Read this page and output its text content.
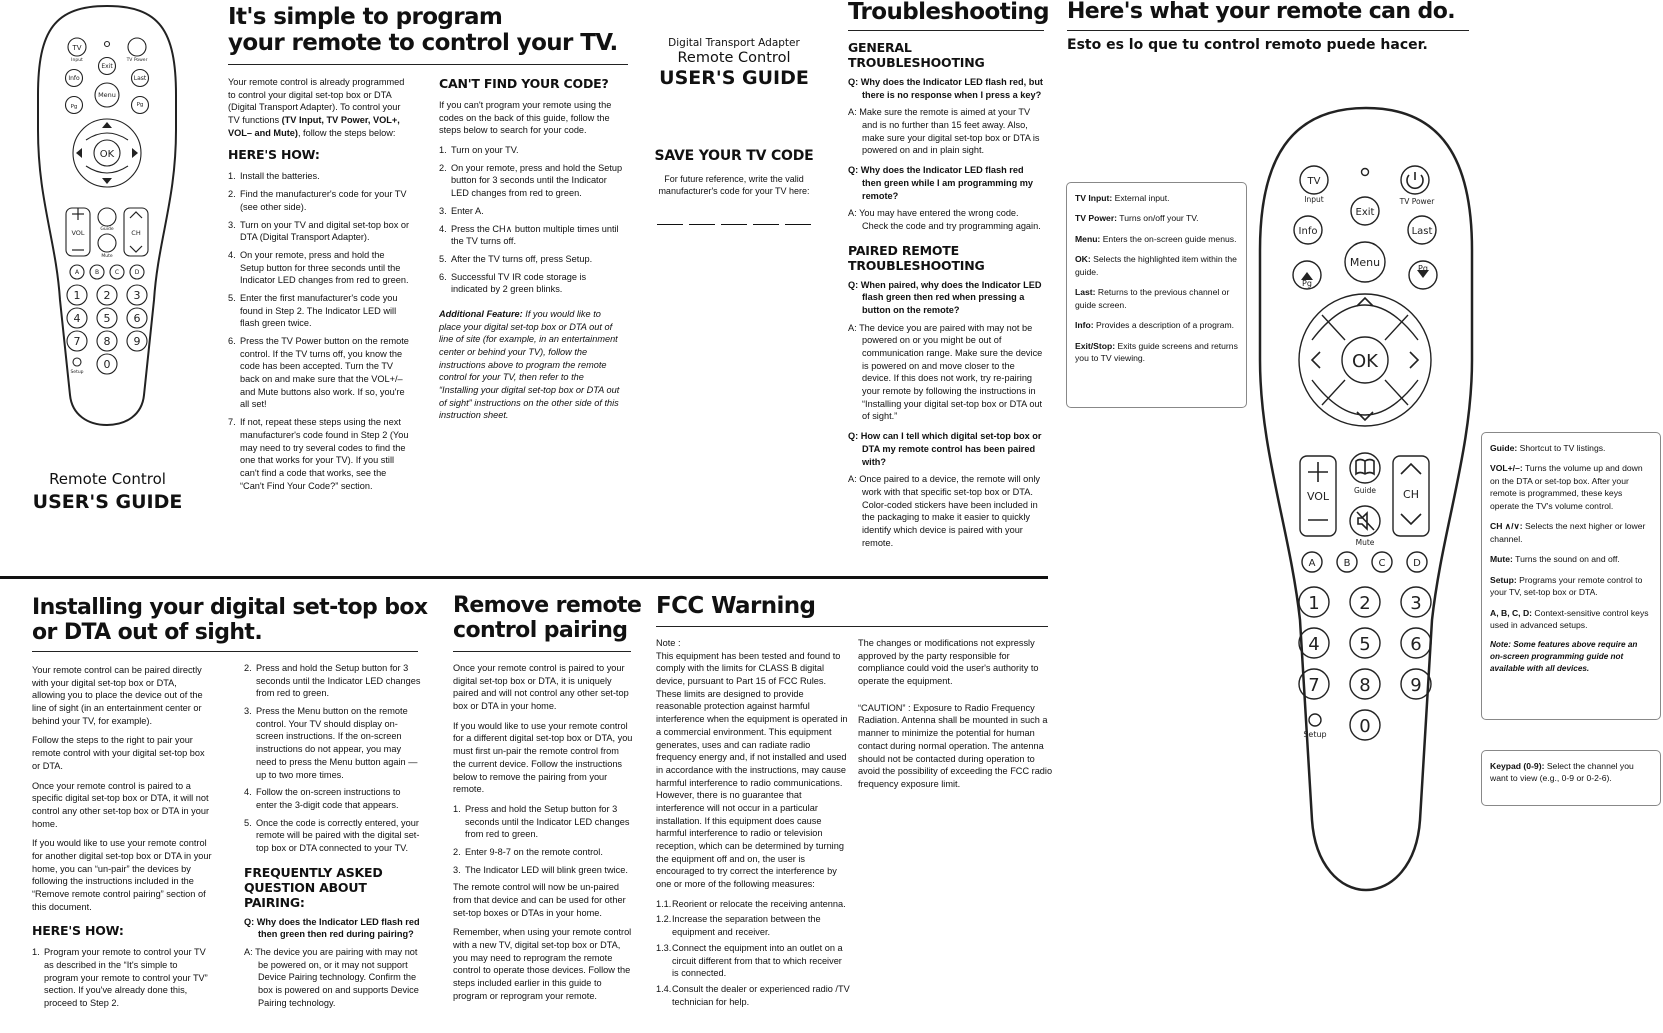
TV
Input	TV Power
Exit
Info	Last
Menu
Pg	Pg
OK
VOL	CH
Guide
Mute
A	B	C	D
1 2 3
4 5 6
7 8 9
0
Setup
Remote Control
USER'S GUIDE
It's simple to program
your remote to control your TV.

Your remote control is already programmed to control your digital set-top box or DTA (Digital Transport Adapter). To control your TV functions (TV Input, TV Power, VOL+, VOL– and Mute), follow the steps below:

HERE'S HOW:
1. Install the batteries.
2. Find the manufacturer's code for your TV (see other side).
3. Turn on your TV and digital set-top box or DTA (Digital Transport Adapter).
4. On your remote, press and hold the Setup button for three seconds until the Indicator LED changes from red to green.
5. Enter the first manufacturer's code you found in Step 2. The Indicator LED will flash green twice.
6. Press the TV Power button on the remote control. If the TV turns off, you know the code has been accepted. Turn the TV back on and make sure that the VOL+/– and Mute buttons also work. If so, you're all set!
7. If not, repeat these steps using the next manufacturer's code found in Step 2 (You may need to try several codes to find the one that works for your TV). If you still can't find a code that works, see the “Can't Find Your Code?” section.
CAN'T FIND YOUR CODE?

If you can't program your remote using the codes on the back of this guide, follow the steps below to search for your code.

1. Turn on your TV.
2. On your remote, press and hold the Setup button for 3 seconds until the Indicator LED changes from red to green.
3. Enter A.
4. Press the CH∧ button multiple times until the TV turns off.
5. After the TV turns off, press Setup.
6. Successful TV IR code storage is indicated by 2 green blinks.

Additional Feature: If you would like to place your digital set-top box or DTA out of line of site (for example, in an entertainment center or behind your TV), follow the instructions above to program the remote control for your TV, then refer to the “Installing your digital set-top box or DTA out of sight” instructions on the other side of this instruction sheet.

Digital Transport Adapter
Remote Control
USER'S GUIDE
SAVE YOUR TV CODE
For future reference, write the valid manufacturer's code for your TV here:
Troubleshooting
GENERAL TROUBLESHOOTING
Q: Why does the Indicator LED flash red, but there is no response when I press a key?
A: Make sure the remote is aimed at your TV and is no further than 15 feet away. Also, make sure your digital set-top box or DTA is powered on and in plain sight.
Q: Why does the Indicator LED flash red then green while I am programming my remote?
A: You may have entered the wrong code. Check the code and try programming again.
PAIRED REMOTE
TROUBLESHOOTING
Q: When paired, why does the Indicator LED flash green then red when pressing a button on the remote?
A: The device you are paired with may not be powered on or you might be out of communication range. Make sure the device is powered on and move closer to the device. If this does not work, try re-pairing your remote by following the instructions in “Installing your digital set-top box or DTA out of sight.”
Q: How can I tell which digital set-top box or DTA my remote control has been paired with?
A: Once paired to a device, the remote will only work with that specific set-top box or DTA. Color-coded stickers have been included in the packaging to make it easier to quickly identify which device is paired with your remote.
Here's what your remote can do.
Esto es lo que tu control remoto puede hacer.
TV Input: External input.
TV Power: Turns on/off your TV.
Menu: Enters the on-screen guide menus.
OK: Selects the highlighted item within the guide.
Last: Returns to the previous channel or guide screen.
Info: Provides a description of a program.
Exit/Stop: Exits guide screens and returns you to TV viewing.
Guide: Shortcut to TV listings.
VOL+/–: Turns the volume up and down on the DTA or set-top box. After your remote is programmed, these keys operate the TV's volume control.
CH ∧/∨: Selects the next higher or lower channel.
Mute: Turns the sound on and off.
Setup: Programs your remote control to your TV, set-top box or DTA.
A, B, C, D: Context-sensitive control keys used in advanced setups.
Note: Some features above require an on-screen programming guide not available with all devices.
Keypad (0-9): Select the channel you want to view (e.g., 0-9 or 0-2-6).
TV
Input	TV Power
Exit
Info	Last
Menu
Pg
Pg
OK
VOL	CH
Guide
Mute
A	B	C	D
1 2 3
4 5 6
7 8 9
0
Setup
Installing your digital set-top box
or DTA out of sight.

Your remote control can be paired directly with your digital set-top box or DTA, allowing you to place the device out of the line of sight (in an entertainment center or behind your TV, for example).

Follow the steps to the right to pair your remote control with your digital set-top box or DTA.

Once your remote control is paired to a specific digital set-top box or DTA, it will not control any other set-top box or DTA in your home.

If you would like to use your remote control for another digital set-top box or DTA in your home, you can “un-pair” the devices by following the instructions included in the “Remove remote control pairing” section of this document.

HERE'S HOW:
1. Program your remote to control your TV as described in the “It's simple to program your remote to control your TV” section. If you've already done this, proceed to Step 2.
2. Press and hold the Setup button for 3 seconds until the Indicator LED changes from red to green.
3. Press the Menu button on the remote control. Your TV should display on-screen instructions. If the on-screen instructions do not appear, you may need to press the Menu button again — up to two more times.
4. Follow the on-screen instructions to enter the 3-digit code that appears.
5. Once the code is correctly entered, your remote will be paired with the digital set-top box or DTA connected to your TV.
FREQUENTLY ASKED
QUESTION ABOUT PAIRING:
Q: Why does the Indicator LED flash red then green then red during pairing?
A: The device you are pairing with may not be powered on, or it may not support Device Pairing technology. Confirm the box is powered on and supports Device Pairing technology.
Remove remote
control pairing

Once your remote control is paired to your digital set-top box or DTA, it is uniquely paired and will not control any other set-top box or DTA in your home.

If you would like to use your remote control for a different digital set-top box or DTA, you must first un-pair the remote control from the current device. Follow the instructions below to remove the pairing from your remote.

1. Press and hold the Setup button for 3 seconds until the Indicator LED changes from red to green.
2. Enter 9-8-7 on the remote control.
3. The Indicator LED will blink green twice.

The remote control will now be un-paired from that device and can be used for other set-top boxes or DTAs in your home.

Remember, when using your remote control with a new TV, digital set-top box or DTA, you may need to reprogram the remote control to operate those devices. Follow the steps included earlier in this guide to program or reprogram your remote.

FCC Warning
Note :

This equipment has been tested and found to comply with the limits for CLASS B digital device, pursuant to Part 15 of FCC Rules. These limits are designed to provide reasonable protection against harmful interference when the equipment is operated in a commercial environment. This equipment generates, uses and can radiate radio frequency energy and, if not installed and used in accordance with the instructions, may cause harmful interference to radio communications. However, there is no guarantee that interference will not occur in a particular installation. If this equipment does cause harmful interference to radio or television reception, which can be determined by turning the equipment off and on, the user is encouraged to try correct the interference by one or more of the following measures:

1.1. Reorient or relocate the receiving antenna.
1.2. Increase the separation between the equipment and receiver.
1.3. Connect the equipment into an outlet on a circuit different from that to which receiver is connected.
1.4. Consult the dealer or experienced radio /TV technician for help.

The changes or modifications not expressly approved by the party responsible for compliance could void the user's authority to operate the equipment.

“CAUTION” : Exposure to Radio Frequency Radiation. Antenna shall be mounted in such a manner to minimize the potential for human contact during normal operation. The antenna should not be contacted during operation to avoid the possibility of exceeding the FCC radio frequency exposure limit.
